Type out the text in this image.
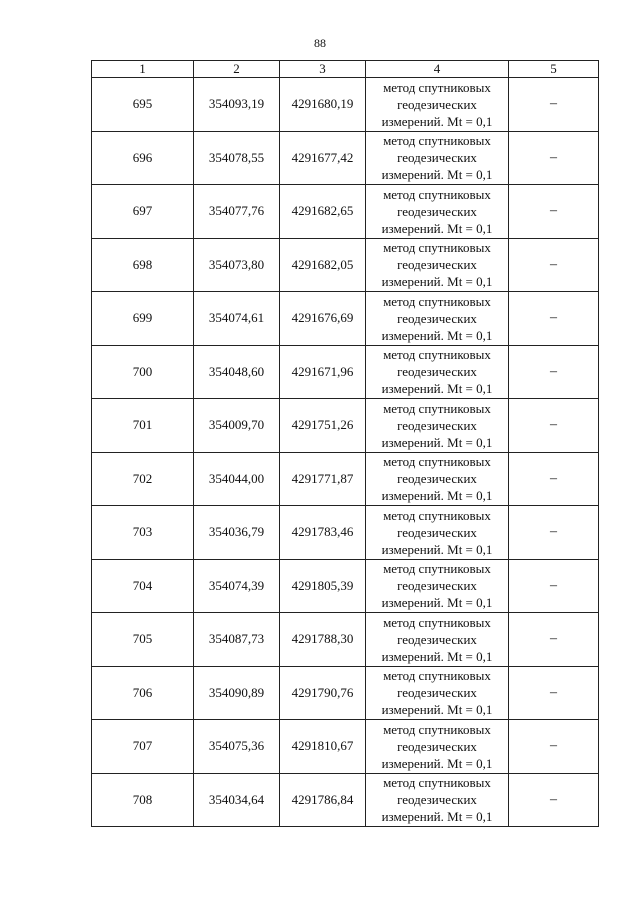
88
1	2	3	4	5
695	354093,19	4291680,19	метод спутниковых
геодезических
измерений. Mt = 0,1	–
696	354078,55	4291677,42	метод спутниковых
геодезических
измерений. Mt = 0,1	–
697	354077,76	4291682,65	метод спутниковых
геодезических
измерений. Mt = 0,1	–
698	354073,80	4291682,05	метод спутниковых
геодезических
измерений. Mt = 0,1	–
699	354074,61	4291676,69	метод спутниковых
геодезических
измерений. Mt = 0,1	–
700	354048,60	4291671,96	метод спутниковых
геодезических
измерений. Mt = 0,1	–
701	354009,70	4291751,26	метод спутниковых
геодезических
измерений. Mt = 0,1	–
702	354044,00	4291771,87	метод спутниковых
геодезических
измерений. Mt = 0,1	–
703	354036,79	4291783,46	метод спутниковых
геодезических
измерений. Mt = 0,1	–
704	354074,39	4291805,39	метод спутниковых
геодезических
измерений. Mt = 0,1	–
705	354087,73	4291788,30	метод спутниковых
геодезических
измерений. Mt = 0,1	–
706	354090,89	4291790,76	метод спутниковых
геодезических
измерений. Mt = 0,1	–
707	354075,36	4291810,67	метод спутниковых
геодезических
измерений. Mt = 0,1	–
708	354034,64	4291786,84	метод спутниковых
геодезических
измерений. Mt = 0,1	–
